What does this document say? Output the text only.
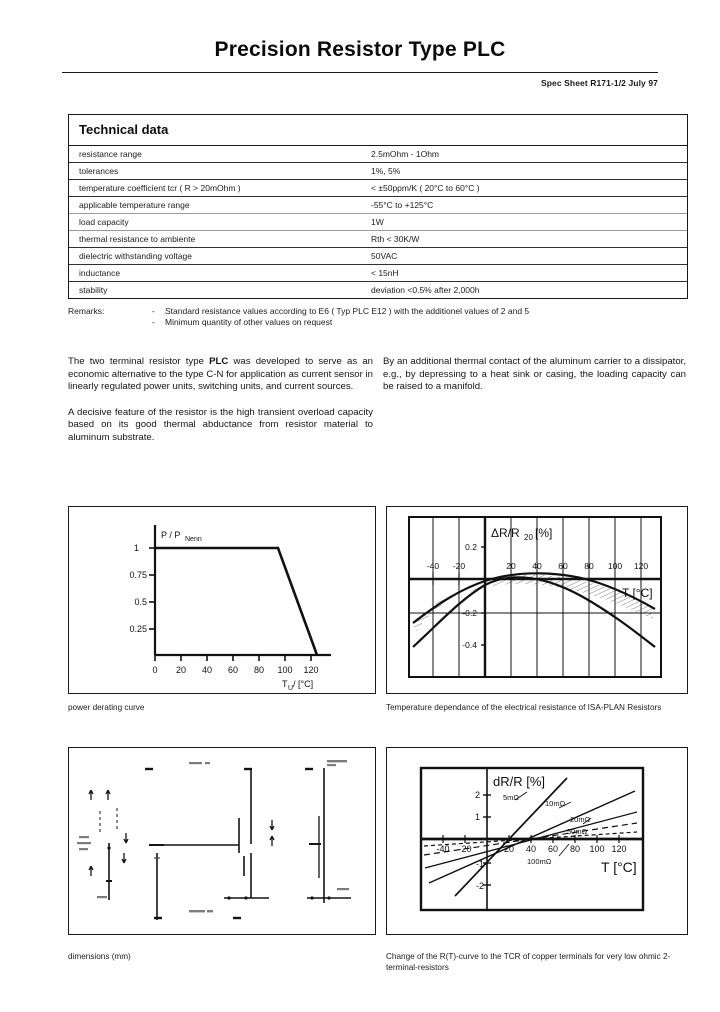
Precision Resistor Type PLC
Spec Sheet R171-1/2 July 97
Technical data
resistance range	2.5mOhm - 1Ohm
tolerances	1%, 5%
temperature coefficient tcr ( R > 20mOhm )	< ±50ppm/K ( 20°C to 60°C )
applicable temperature range	-55°C to +125°C
load capacity	1W
thermal resistance to ambiente	Rth < 30K/W
dielectric withstanding voltage	50VAC
inductance	< 15nH
stability	deviation <0.5% after 2,000h
Remarks:	- Standard resistance values according to E6 ( Typ PLC E12 ) with the additionel values of 2 and 5
- Minimum quantity of other values on request
The two terminal resistor type PLC was developed to serve as an economic alternative to the type C-N for application as current sensor in linearly regulated power units, switching units, and current sources.
A decisive feature of the resistor is the high transient overload capacity based on its good thermal abductance from resistor material to aluminum substrate.
By an additional thermal contact of the aluminum carrier to a dissipator, e.g., by depressing to a heat sink or casing, the loading capacity can be raised to a manifold.
P / P Nenn
1
0.75
0.5
0.25
0 20 40 60 80 100 120
T U / [°C]
ΔR/R 20 [%]
0.2
-0.2
-0.4
-40 -20	20 40 60 80 100 120
T [°C]
dR/R [%]
2
1
-1
-2
-40 -20	20 40 60 80 100 120
T [°C]
5mΩ
10mΩ
20mΩ
50mΩ
100mΩ
power derating curve	Temperature dependance of the electrical resistance of ISA-PLAN Resistors
dimensions (mm)	Change of the R(T)-curve to the TCR of copper terminals for very low ohmic 2-terminal-resistors
